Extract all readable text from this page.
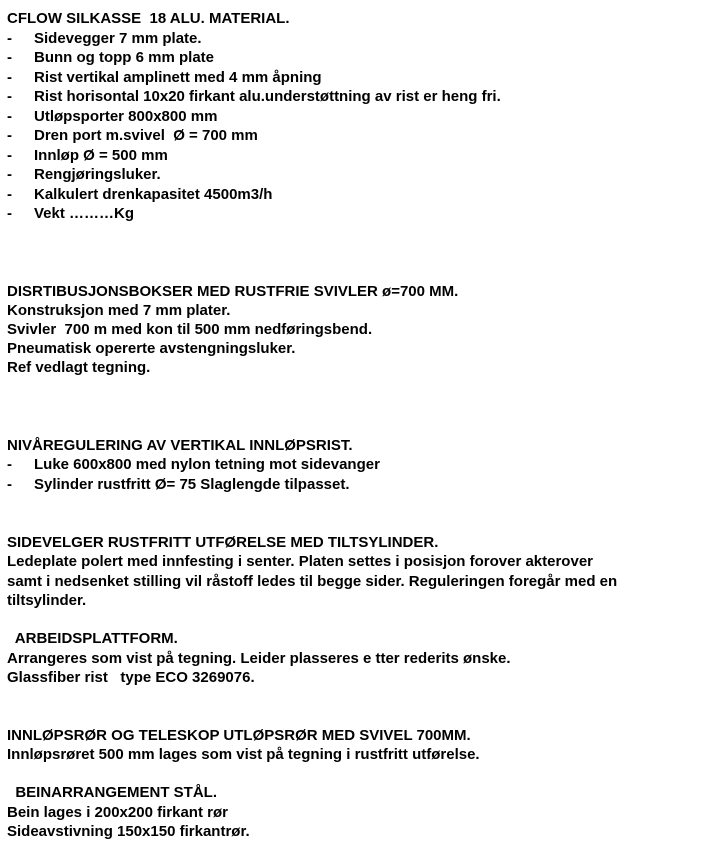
CFLOW SILKASSE  18 ALU. MATERIAL.
- Sidevegger 7 mm plate.
- Bunn og topp 6 mm plate
- Rist vertikal amplinett med 4 mm åpning
- Rist horisontal 10x20 firkant alu.understøttning av rist er heng fri.
- Utløpsporter 800x800 mm
- Dren port m.svivel  Ø = 700 mm
- Innløp Ø = 500 mm
- Rengjøringsluker.
- Kalkulert drenkapasitet 4500m3/h
- Vekt ………Kg
DISRTIBUSJONSBOKSER MED RUSTFRIE SVIVLER ø=700 MM.
Konstruksjon med 7 mm plater.
Svivler  700 m med kon til 500 mm nedføringsbend.
Pneumatisk opererte avstengningsluker.
Ref vedlagt tegning.
NIVÅREGULERING AV VERTIKAL INNLØPSRIST.
- Luke 600x800 med nylon tetning mot sidevanger
- Sylinder rustfritt Ø= 75 Slaglengde tilpasset.
SIDEVELGER RUSTFRITT UTFØRELSE MED TILTSYLINDER.
Ledeplate polert med innfesting i senter. Platen settes i posisjon forover akterover
samt i nedsenket stilling vil råstoff ledes til begge sider. Reguleringen foregår med en
tiltsylinder.
ARBEIDSPLATTFORM.
Arrangeres som vist på tegning. Leider plasseres e tter rederits ønske.
Glassfiber rist   type ECO 3269076.
INNLØPSRØR OG TELESKOP UTLØPSRØR MED SVIVEL 700MM.
Innløpsrøret 500 mm lages som vist på tegning i rustfritt utførelse.
BEINARRANGEMENT STÅL.
Bein lages i 200x200 firkant rør
Sideavstivning 150x150 firkantrør.
